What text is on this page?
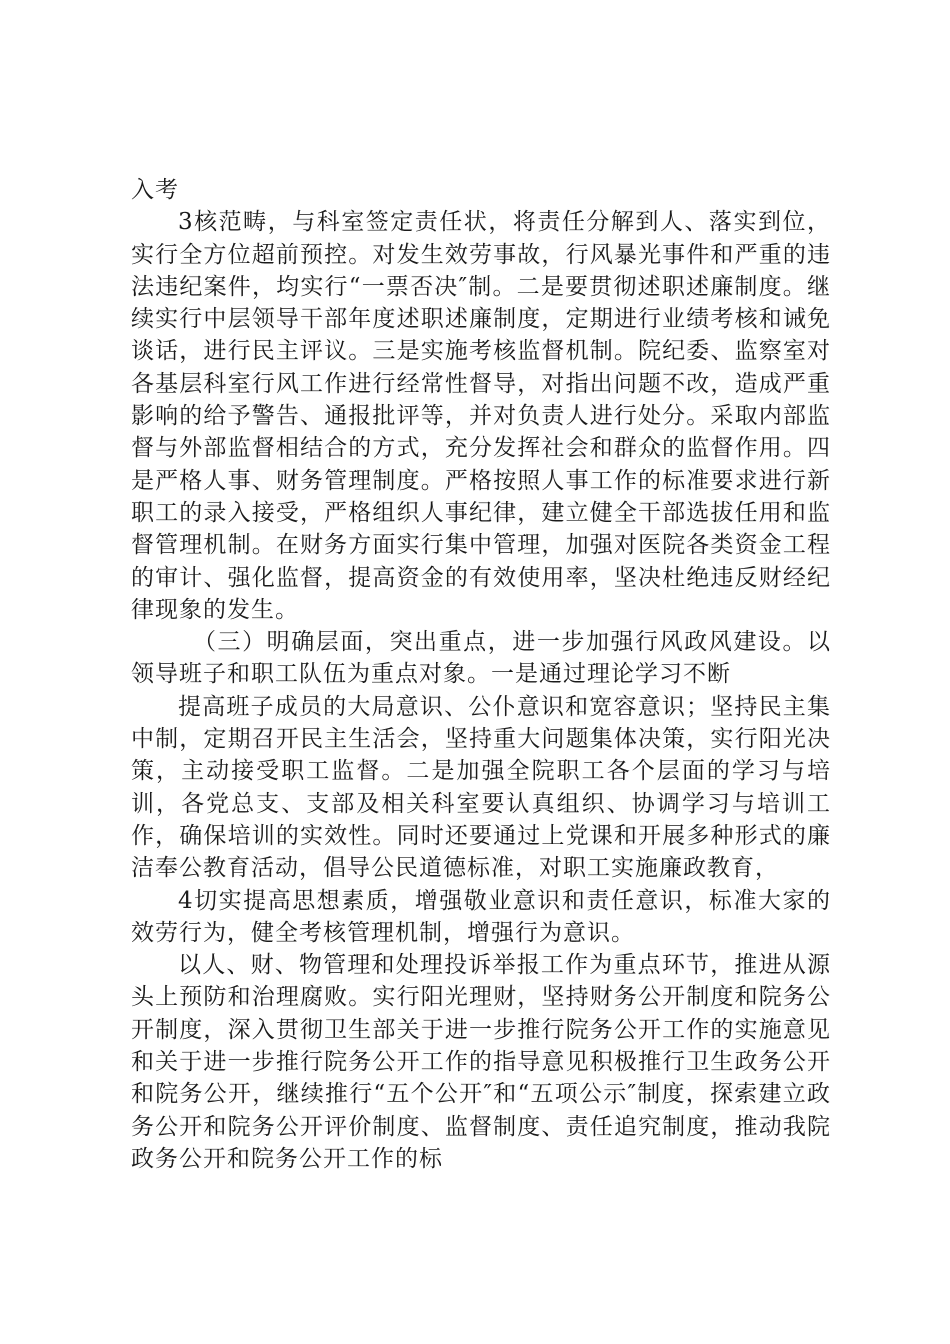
入考

3核范畴，与科室签定责任状，将责任分解到人、落实到位，实行全方位超前预控。对发生效劳事故，行风暴光事件和严重的违法违纪案件，均实行“一票否决″制。二是要贯彻述职述廉制度。继续实行中层领导干部年度述职述廉制度，定期进行业绩考核和诫免谈话，进行民主评议。三是实施考核监督机制。院纪委、监察室对各基层科室行风工作进行经常性督导，对指出问题不改，造成严重影响的给予警告、通报批评等，并对负责人进行处分。采取内部监督与外部监督相结合的方式，充分发挥社会和群众的监督作用。四是严格人事、财务管理制度。严格按照人事工作的标准要求进行新职工的录入接受，严格组织人事纪律，建立健全干部选拔任用和监督管理机制。在财务方面实行集中管理，加强对医院各类资金工程的审计、强化监督，提高资金的有效使用率，坚决杜绝违反财经纪律现象的发生。

（三）明确层面，突出重点，进一步加强行风政风建设。以领导班子和职工队伍为重点对象。一是通过理论学习不断

提高班子成员的大局意识、公仆意识和宽容意识；坚持民主集中制，定期召开民主生活会，坚持重大问题集体决策，实行阳光决策，主动接受职工监督。二是加强全院职工各个层面的学习与培训，各党总支、支部及相关科室要认真组织、协调学习与培训工作，确保培训的实效性。同时还要通过上党课和开展多种形式的廉洁奉公教育活动，倡导公民道德标准，对职工实施廉政教育，

4切实提高思想素质，增强敬业意识和责任意识，标准大家的效劳行为，健全考核管理机制，增强行为意识。

以人、财、物管理和处理投诉举报工作为重点环节，推进从源头上预防和治理腐败。实行阳光理财，坚持财务公开制度和院务公开制度，深入贯彻卫生部关于进一步推行院务公开工作的实施意见和关于进一步推行院务公开工作的指导意见积极推行卫生政务公开和院务公开，继续推行“五个公开″和“五项公示″制度，探索建立政务公开和院务公开评价制度、监督制度、责任追究制度，推动我院政务公开和院务公开工作的标
